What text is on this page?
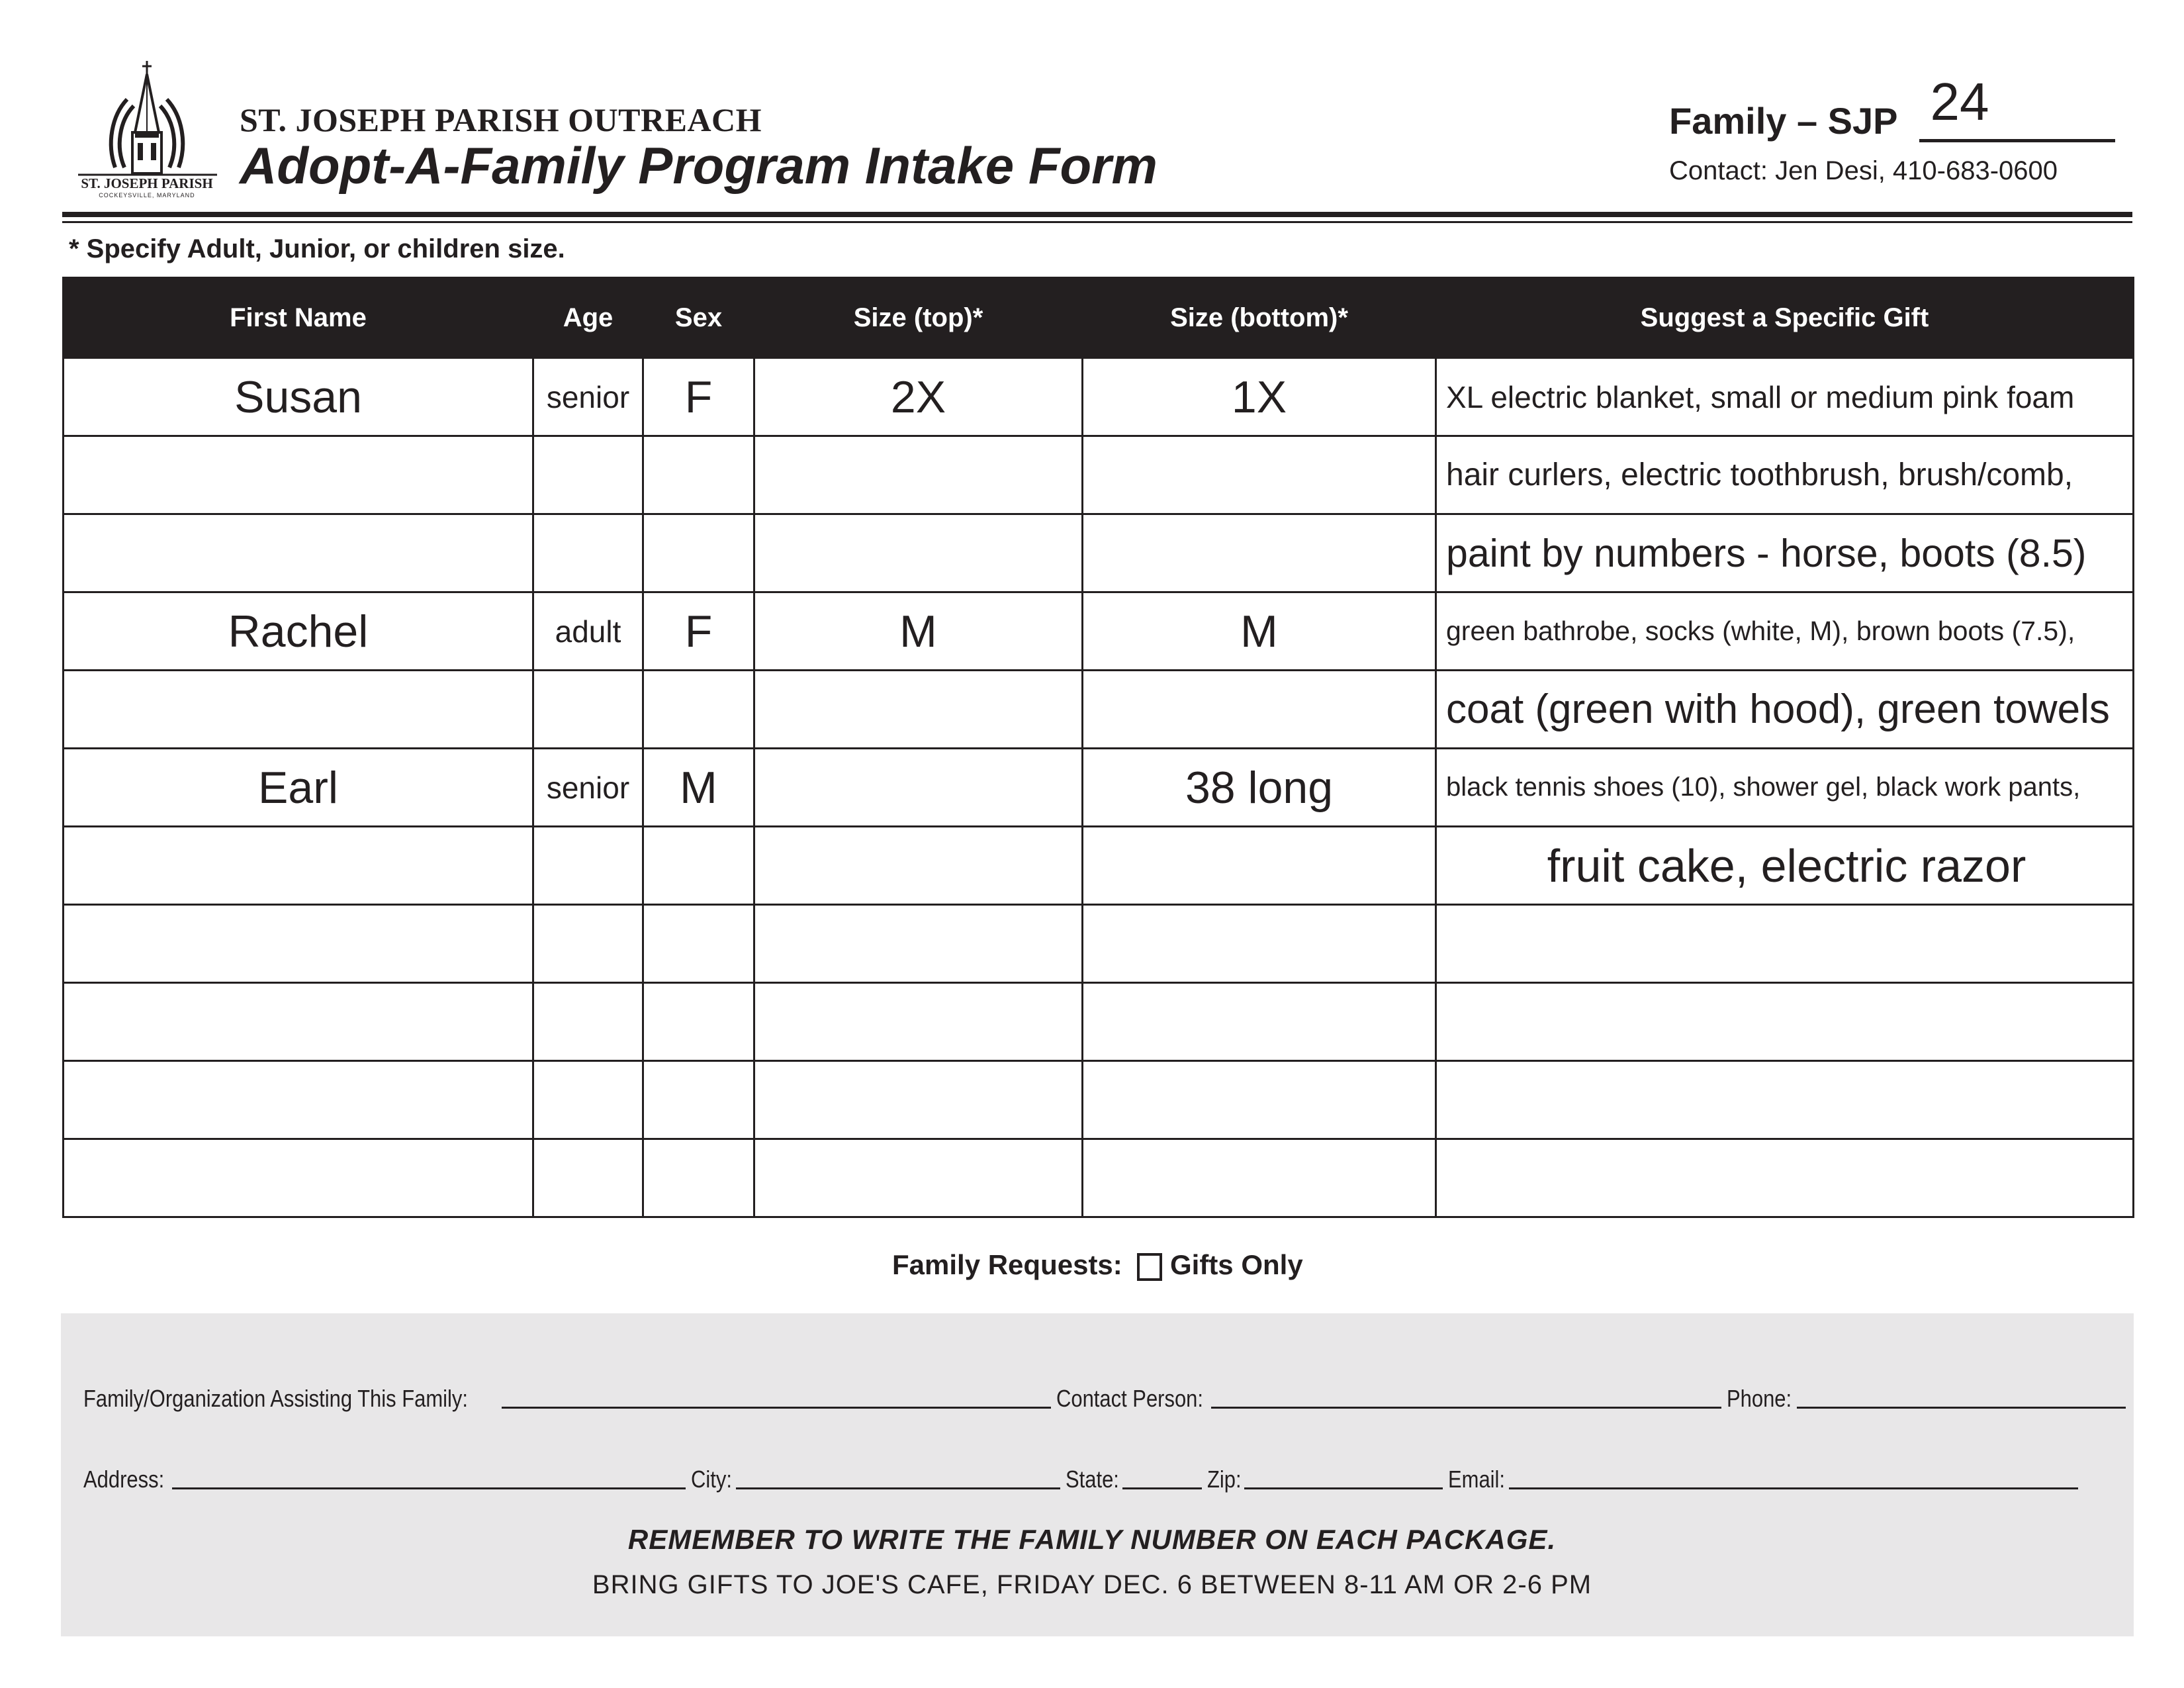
ST. JOSEPH PARISH
COCKEYSVILLE, MARYLAND
ST. JOSEPH PARISH OUTREACH
Adopt-A-Family Program Intake Form
Family – SJP 24
Contact: Jen Desi, 410-683-0600
* Specify Adult, Junior, or children size.
First Name	Age	Sex	Size (top)*	Size (bottom)*	Suggest a Specific Gift
Susan	senior	F	2X	1X	XL electric blanket, small or medium pink foam
					hair curlers, electric toothbrush, brush/comb,
					paint by numbers - horse, boots (8.5)
Rachel	adult	F	M	M	green bathrobe, socks (white, M), brown boots (7.5),
					coat (green with hood), green towels
Earl	senior	M		38 long	black tennis shoes (10), shower gel, black work pants,
					fruit cake, electric razor

Family Requests: Gifts Only
Family/Organization Assisting This Family:	Contact Person:	Phone:
Address:	City:	State:	Zip:	Email:
REMEMBER TO WRITE THE FAMILY NUMBER ON EACH PACKAGE.
BRING GIFTS TO JOE'S CAFE, FRIDAY DEC. 6 BETWEEN 8-11 AM OR 2-6 PM
